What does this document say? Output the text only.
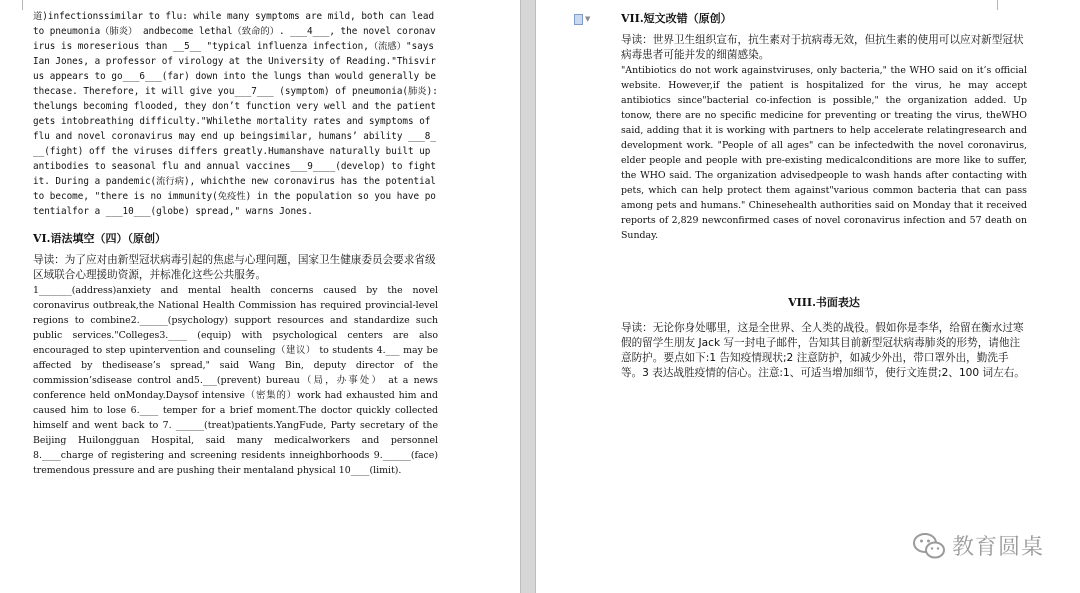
道)infectionssimilar to flu: while many symptoms are mild, both can lead to pneumonia（肺炎） andbecome lethal（致命的）. ___4___, the novel coronavirus is moreserious than __5__ "typical influenza infection,（流感）"says Ian Jones, a professor of virology at the University of Reading."Thisvirus appears to go___6___(far) down into the lungs than would generally be thecase. Therefore, it will give you___7___ (symptom) of pneumonia(肺炎): thelungs becoming flooded, they don’t function very well and the patient gets intobreathing difficulty."Whilethe mortality rates and symptoms of flu and novel coronavirus may end up beingsimilar, humans’ ability ___8___(fight) off the viruses differs greatly.Humanshave naturally built up antibodies to seasonal flu and annual vaccines___9____(develop) to fight it. During a pandemic(流行病), whichthe new coronavirus has the potential to become, "there is no immunity(免疫性) in the population so you have potentialfor a ___10___(globe) spread," warns Jones.
VI.语法填空（四）（原创）
导读：为了应对由新型冠状病毒引起的焦虑与心理问题，国家卫生健康委员会要求省级区域联合心理援助资源，并标准化这些公共服务。
1_______(address)anxiety and mental health concerns caused by the novel coronavirus outbreak,the National Health Commission has required provincial-level regions to combine2.______(psychology) support resources and standardize such public services."Colleges3.____ (equip) with psychological centers are also encouraged to step upintervention and counseling（建议） to students 4.___ may be affected by thedisease’s spread," said Wang Bin, deputy director of the commission’sdisease control and5.___(prevent) bureau（局，办事处） at a news conference held onMonday.Daysof intensive（密集的）work had exhausted him and caused him to lose 6.____ temper for a brief moment.The doctor quickly collected himself and went back to 7. ______(treat)patients.YangFude, Party secretary of the Beijing Huilongguan Hospital, said many medicalworkers and personnel 8.____charge of registering and screening residents inneighborhoods 9.______(face) tremendous pressure and are pushing their mentaland physical 10____(limit).
VII.短文改错（原创）
导读：世界卫生组织宣布，抗生素对于抗病毒无效，但抗生素的使用可以应对新型冠状病毒患者可能并发的细菌感染。
"Antibiotics do not work againstviruses, only bacteria," the WHO said on it’s official website. However,if the patient is hospitalized for the virus, he may accept antibiotics since"bacterial co-infection is possible," the organization added. Up tonow, there are no specific medicine for preventing or treating the virus, theWHO said, adding that it is working with partners to help accelerate relatingresearch and development work. "People of all ages" can be infectedwith the novel coronavirus, elder people and people with pre-existing medicalconditions are more like to suffer, the WHO said. The organization advisedpeople to wash hands after contacting with pets, which can help protect them against"various common bacteria that can pass among pets and humans." Chinesehealth authorities said on Monday that it received reports of 2,829 newconfirmed cases of novel coronavirus infection and 57 death on Sunday.
VIII.书面表达
导读：无论你身处哪里，这是全世界、全人类的战役。假如你是李华，给留在衡水过寒假的留学生朋友 Jack 写一封电子邮件，告知其目前新型冠状病毒肺炎的形势，请他注意防护。要点如下:1 告知疫情现状;2 注意防护，如减少外出，带口罩外出，勤洗手等。3 表达战胜疫情的信心。注意:1、可适当增加细节，使行文连贯;2、100 词左右。
▼
教育圆桌
